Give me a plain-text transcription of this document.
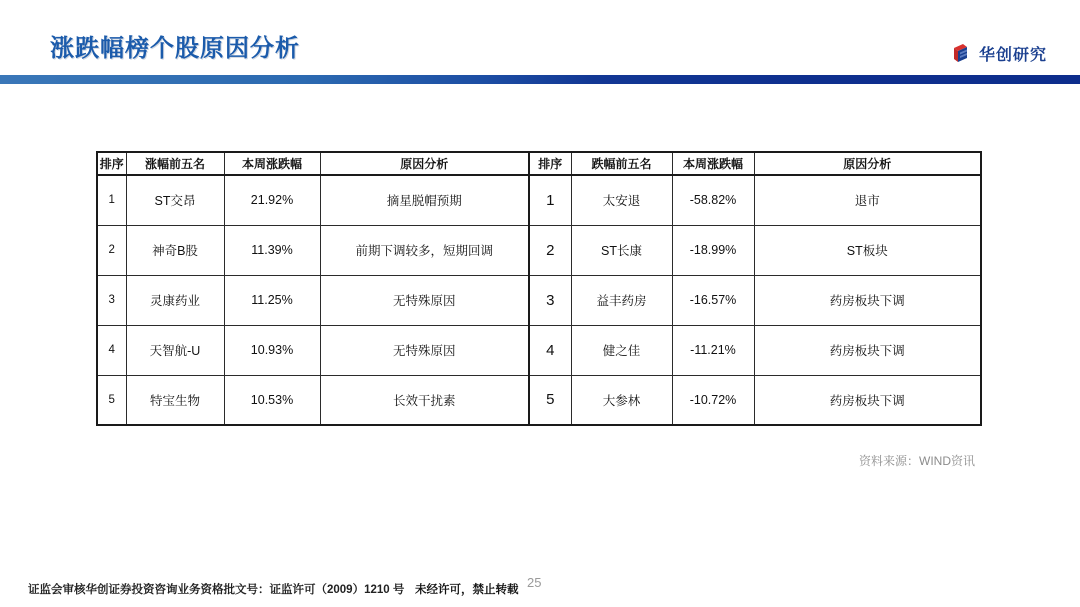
涨跌幅榜个股原因分析	华创研究
排序	涨幅前五名	本周涨跌幅	原因分析	排序	跌幅前五名	本周涨跌幅	原因分析
1	ST交昂	21.92%	摘星脱帽预期	1	太安退	-58.82%	退市
2	神奇B股	11.39%	前期下调较多，短期回调	2	ST长康	-18.99%	ST板块
3	灵康药业	11.25%	无特殊原因	3	益丰药房	-16.57%	药房板块下调
4	天智航-U	10.93%	无特殊原因	4	健之佳	-11.21%	药房板块下调
5	特宝生物	10.53%	长效干扰素	5	大参林	-10.72%	药房板块下调
资料来源：WIND资讯
证监会审核华创证券投资咨询业务资格批文号：证监许可（2009）1210 号 未经许可，禁止转载 25
